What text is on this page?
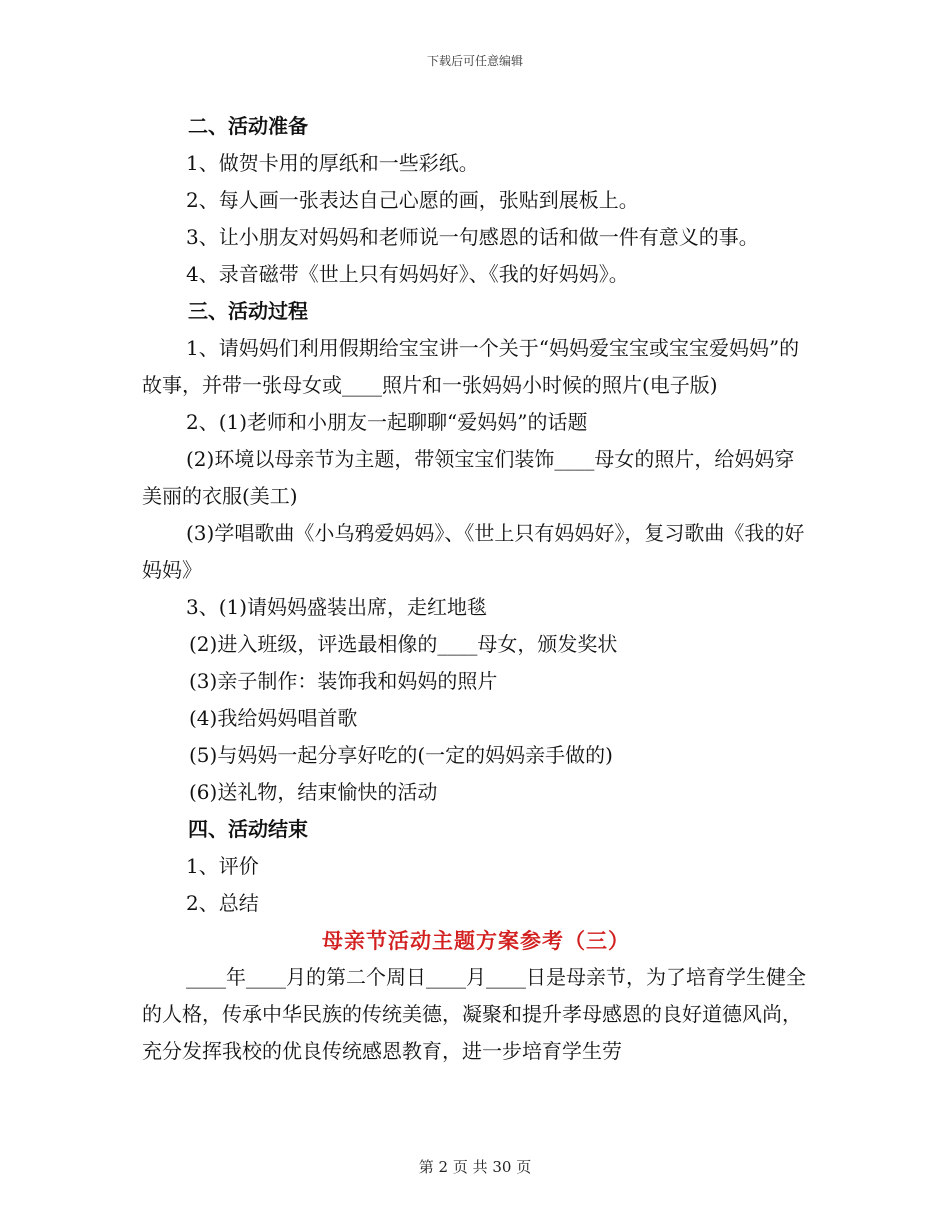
下载后可任意编辑

二、活动准备

1、做贺卡用的厚纸和一些彩纸。

2、每人画一张表达自己心愿的画，张贴到展板上。

3、让小朋友对妈妈和老师说一句感恩的话和做一件有意义的事。

4、录音磁带《世上只有妈妈好》、《我的好妈妈》。

三、活动过程

1、请妈妈们利用假期给宝宝讲一个关于“妈妈爱宝宝或宝宝爱妈妈”的故事，并带一张母女或____照片和一张妈妈小时候的照片(电子版)

2、(1)老师和小朋友一起聊聊“爱妈妈”的话题

(2)环境以母亲节为主题，带领宝宝们装饰____母女的照片，给妈妈穿美丽的衣服(美工)

(3)学唱歌曲《小乌鸦爱妈妈》、《世上只有妈妈好》，复习歌曲《我的好妈妈》

3、(1)请妈妈盛装出席，走红地毯

(2)进入班级，评选最相像的____母女，颁发奖状

(3)亲子制作：装饰我和妈妈的照片

(4)我给妈妈唱首歌

(5)与妈妈一起分享好吃的(一定的妈妈亲手做的)

(6)送礼物，结束愉快的活动

四、活动结束

1、评价

2、总结

母亲节活动主题方案参考（三）

____年____月的第二个周日____月____日是母亲节，为了培育学生健全的人格，传承中华民族的传统美德，凝聚和提升孝母感恩的良好道德风尚，充分发挥我校的优良传统感恩教育，进一步培育学生劳

第 2 页 共 30 页
